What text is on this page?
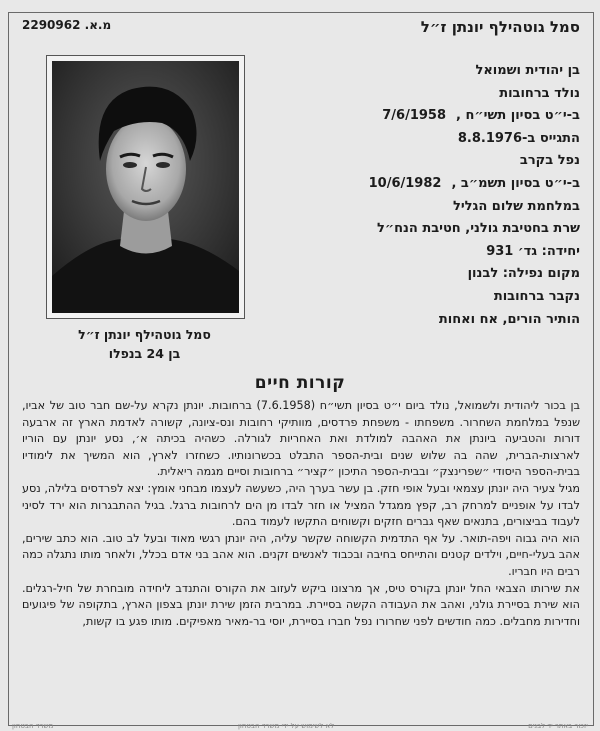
סמל גוטהילף יונתן ז״ל
מ.א. 2290962
סמל גוטהילף יונתן ז״ל
בן 24 בנפלו
בן יהודית ושמואל
נולד ברחובות
ב-י״ט בסיון תשי״ח ,7/6/1958
התגייס ב-8.8.1976
נפל בקרב
ב-י״ט בסיון תשמ״ב ,10/6/1982
במלחמת שלום הגליל
שרת בחטיבת גולני, חטיבת הנח״ל
יחידה: גד׳ 931
מקום נפילה: לבנון
נקבר ברחובות
הותיר הורים, אח ואחות
קורות חיים

בן בכור ליהודית ולשמואל, נולד ביום י״ט בסיון תשי״ח (7.6.1958) ברחובות. יונתן נקרא על-שם חבר טוב של אביו, שנפל במלחמת השחרור. משפחתו - משפחת פרדסים, מוותיקי רחובות ונס-ציונה, קשורה לאדמת הארץ זה ארבעה דורות והטביעה ביונתן את האהבה למולדת ואת האחריות לגורלה. כשהיה בכיתה א׳, נסע יונתן עם הוריו לארצות-הברית, שהה בה שלוש שנים ובית-הספר התבלט בכשרונותיו. כשחזרו לארץ, הוא המשיך את לימודיו בבית-הספר היסודי ״שפרינצק״ ובבית-הספר התיכון ״קציר״ ברחובות וסיים מגמה ריאלית.

מגיל צעיר היה יונתן עצמאי ובעל אופי חזק. בן עשר בערך היה, כשעשה לעצמו מבחני אומץ: יצא לפרדסים בלילה, נסע לבדו על אופניים למרחק רב, קפץ ממגדל המציל או חזר לבדו מן הים לרחובות ברגל. בגיל ההתבגרות הוא ירד לסיני לעבוד בביצורים, בתנאים שאף גברים חזקים וקשוחים התקשו לעמוד בהם.

הוא היה גבוה ויפה-תואר. על אף התדמית הקשוחה שקשר עליה, היה יונתן רגשי מאוד ובעל לב טוב. הוא כתב שירים, אהב בעלי-חיים, וילדים קטנים והתייחס בחיבה ובכבוד לאנשים זקנים. הוא אהב בני אדם בכלל, ולאחר מותו נתגלה כמה רבים היו חבריו.

את שירותו הצבאי החל יונתן בקורס טיס, אך מרצונו ביקש לעזוב את הקורס והתנדב ליחידה מובחרת של חיל-רגלים. הוא שירת בסיירת גולני, ואהב את העבודה הקשה בסיירת. במרבית הזמן שירת יונתן בצפון הארץ, בתקופה של פיגועים וחדירות מחבלים. כמה חודשים לפני שחרורו נפל חברו בסיירת, יוסי בר-מאיר מאפיקים. מותו פגע בו קשות,

יזכור באתר יד לבנים
לא לשימוש על ידי משרד הבטחון
משרד הבטחון
